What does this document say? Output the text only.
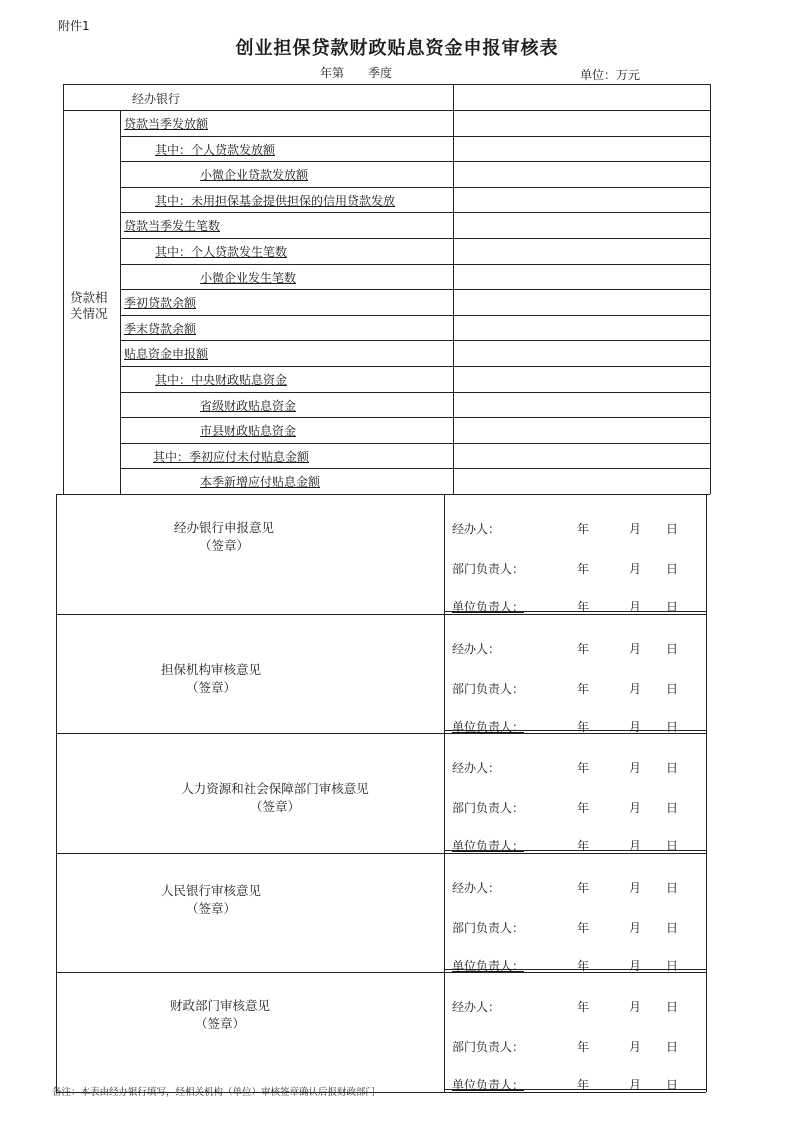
附件1
创业担保贷款财政贴息资金申报审核表
年第　　季度	单位：万元
经办银行
贷款相
关情况
贷款当季发放额
其中：个人贷款发放额
小微企业贷款发放额
其中：未用担保基金提供担保的信用贷款发放
贷款当季发生笔数
其中：个人贷款发生笔数
小微企业发生笔数
季初贷款余额
季末贷款余额
贴息资金申报额
其中：中央财政贴息资金
省级财政贴息资金
市县财政贴息资金
其中：季初应付未付贴息金额
本季新增应付贴息金额
经办银行申报意见
（签章）
经办人：	年	月 日
部门负责人：	年	月 日
单位负责人：	年	月 日
担保机构审核意见
（签章）
经办人：	年	月 日
部门负责人：	年	月 日
单位负责人：	年	月 日
人力资源和社会保障部门审核意见
（签章）
经办人：	年	月 日
部门负责人：	年	月 日
单位负责人：	年	月 日
人民银行审核意见
（签章）
经办人：	年	月 日
部门负责人：	年	月 日
单位负责人：	年	月 日
财政部门审核意见
（签章）
经办人：	年	月 日
部门负责人：	年	月 日
单位负责人：	年	月 日
备注：本表由经办银行填写，经相关机构（单位）审核签章确认后报财政部门
